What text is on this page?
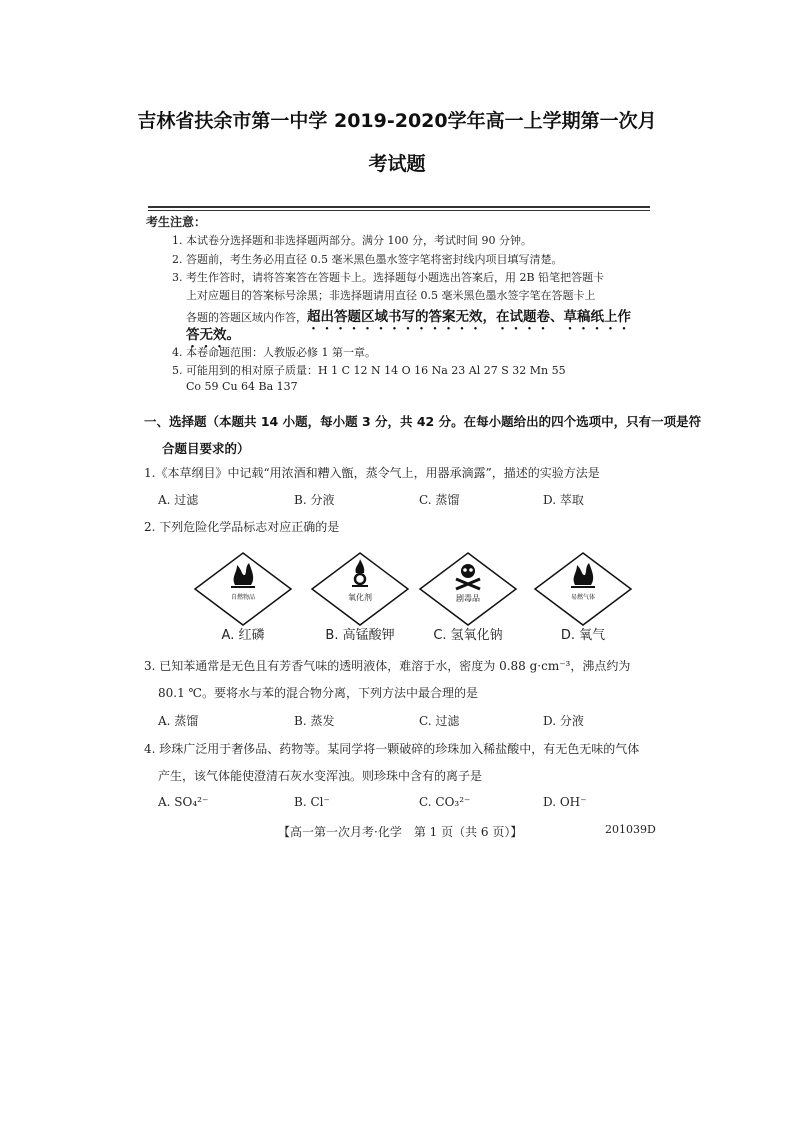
吉林省扶余市第一中学 2019-2020学年高一上学期第一次月
考试题
考生注意：
1. 本试卷分选择题和非选择题两部分。满分 100 分，考试时间 90 分钟。
2. 答题前，考生务必用直径 0.5 毫米黑色墨水签字笔将密封线内项目填写清楚。
3. 考生作答时，请将答案答在答题卡上。选择题每小题选出答案后，用 2B 铅笔把答题卡
上对应题目的答案标号涂黑；非选择题请用直径 0.5 毫米黑色墨水签字笔在答题卡上
各题的答题区域内作答，超出答题区域书写的答案无效，在试题卷、草稿纸上作
答无效。
4. 本卷命题范围：人教版必修 1 第一章。
5. 可能用到的相对原子质量：H 1 C 12 N 14 O 16 Na 23 Al 27 S 32 Mn 55
Co 59 Cu 64 Ba 137
一、选择题（本题共 14 小题，每小题 3 分，共 42 分。在每小题给出的四个选项中，只有一项是符
合题目要求的）
1.《本草纲目》中记载“用浓酒和糟入甑，蒸令气上，用器承滴露”，描述的实验方法是
A. 过滤	B. 分液	C. 蒸馏	D. 萃取
2. 下列危险化学品标志对应正确的是
自燃物品	氧化剂	剧毒品	易燃气体
A. 红磷	B. 高锰酸钾	C. 氢氧化钠	D. 氧气
3. 已知苯通常是无色且有芳香气味的透明液体，难溶于水，密度为 0.88 g·cm⁻³，沸点约为
80.1 ℃。要将水与苯的混合物分离，下列方法中最合理的是
A. 蒸馏	B. 蒸发	C. 过滤	D. 分液
4. 珍珠广泛用于奢侈品、药物等。某同学将一颗破碎的珍珠加入稀盐酸中，有无色无味的气体
产生，该气体能使澄清石灰水变浑浊。则珍珠中含有的离子是
A. SO₄²⁻	B. Cl⁻	C. CO₃²⁻	D. OH⁻
【高一第一次月考·化学　第 1 页（共 6 页）】	201039D
